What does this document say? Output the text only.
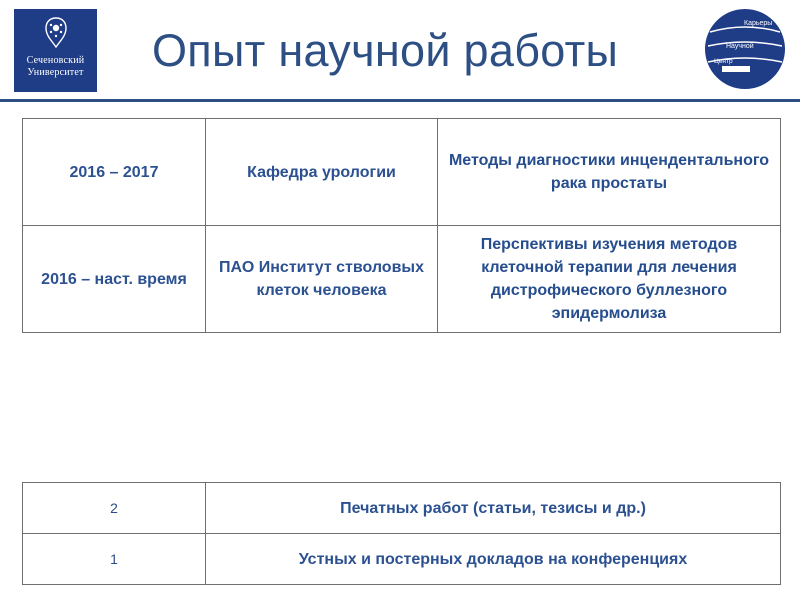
Сеченовский
Университет Опыт научной работы
Карьеры
Научной
Центр
2016 – 2017	Кафедра урологии	Методы диагностики инцендентального рака простаты
2016 – наст. время	ПАО Институт стволовых клеток человека	Перспективы изучения методов клеточной терапии для лечения дистрофического буллезного эпидермолиза
2	Печатных работ (статьи, тезисы и др.)
1	Устных и постерных докладов на конференциях
